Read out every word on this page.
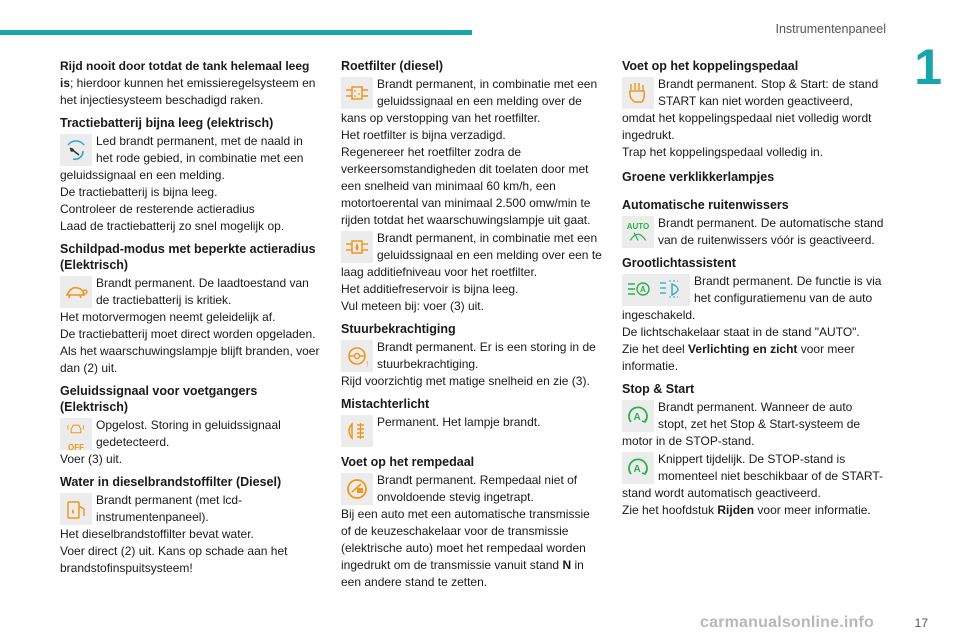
Instrumentenpaneel
1

Rijd nooit door totdat de tank helemaal leeg is; hierdoor kunnen het emissieregelsysteem en het injectiesysteem beschadigd raken.

Tractiebatterij bijna leeg (elektrisch)
Led brandt permanent, met de naald in het rode gebied, in combinatie met een geluidssignaal en een melding.

De tractiebatterij is bijna leeg.

Controleer de resterende actieradius

Laad de tractiebatterij zo snel mogelijk op.

Schildpad-modus met beperkte actieradius (Elektrisch)
Brandt permanent. De laadtoestand van de tractiebatterij is kritiek.

Het motorvermogen neemt geleidelijk af.

De tractiebatterij moet direct worden opgeladen.

Als het waarschuwingslampje blijft branden, voer dan (2) uit.

Geluidssignaal voor voetgangers (Elektrisch)
OFF
Opgelost. Storing in geluidssignaal gedetecteerd.

Voer (3) uit.

Water in dieselbrandstoffilter (Diesel)
Brandt permanent (met lcd-instrumentenpaneel).

Het dieselbrandstoffilter bevat water.

Voer direct (2) uit. Kans op schade aan het brandstofinspuitsysteem!

Roetfilter (diesel)
Brandt permanent, in combinatie met een geluidssignaal en een melding over de kans op verstopping van het roetfilter.

Het roetfilter is bijna verzadigd.

Regenereer het roetfilter zodra de verkeersomstandigheden dit toelaten door met een snelheid van minimaal 60 km/h, een motortoerental van minimaal 2.500 omw/min te rijden totdat het waarschuwingslampje uit gaat.

Brandt permanent, in combinatie met een geluidssignaal en een melding over een te laag additiefniveau voor het roetfilter.

Het additiefreservoir is bijna leeg.

Vul meteen bij: voer (3) uit.

Stuurbekrachtiging
!
Brandt permanent. Er is een storing in de stuurbekrachtiging.

Rijd voorzichtig met matige snelheid en zie (3).

Mistachterlicht
Permanent. Het lampje brandt.
Voet op het rempedaal
Brandt permanent. Rempedaal niet of onvoldoende stevig ingetrapt.

Bij een auto met een automatische transmissie of de keuzeschakelaar voor de transmissie (elektrische auto) moet het rempedaal worden ingedrukt om de transmissie vanuit stand N in een andere stand te zetten.

Voet op het koppelingspedaal
Brandt permanent. Stop & Start: de stand START kan niet worden geactiveerd, omdat het koppelingspedaal niet volledig wordt ingedrukt.

Trap het koppelingspedaal volledig in.

Groene verklikkerlampjes
Automatische ruitenwissers
AUTO Brandt permanent. De automatische stand van de ruitenwissers vóór is geactiveerd.
Grootlichtassistent
A
Brandt permanent. De functie is via het configuratiemenu van de auto ingeschakeld.

De lichtschakelaar staat in de stand "AUTO".

Zie het deel Verlichting en zicht voor meer informatie.

Stop & Start
A
Brandt permanent. Wanneer de auto stopt, zet het Stop & Start-systeem de motor in de STOP-stand.
A
Knippert tijdelijk. De STOP-stand is momenteel niet beschikbaar of de START-stand wordt automatisch geactiveerd.

Zie het hoofdstuk Rijden voor meer informatie.

carmanualsonline.info	17
